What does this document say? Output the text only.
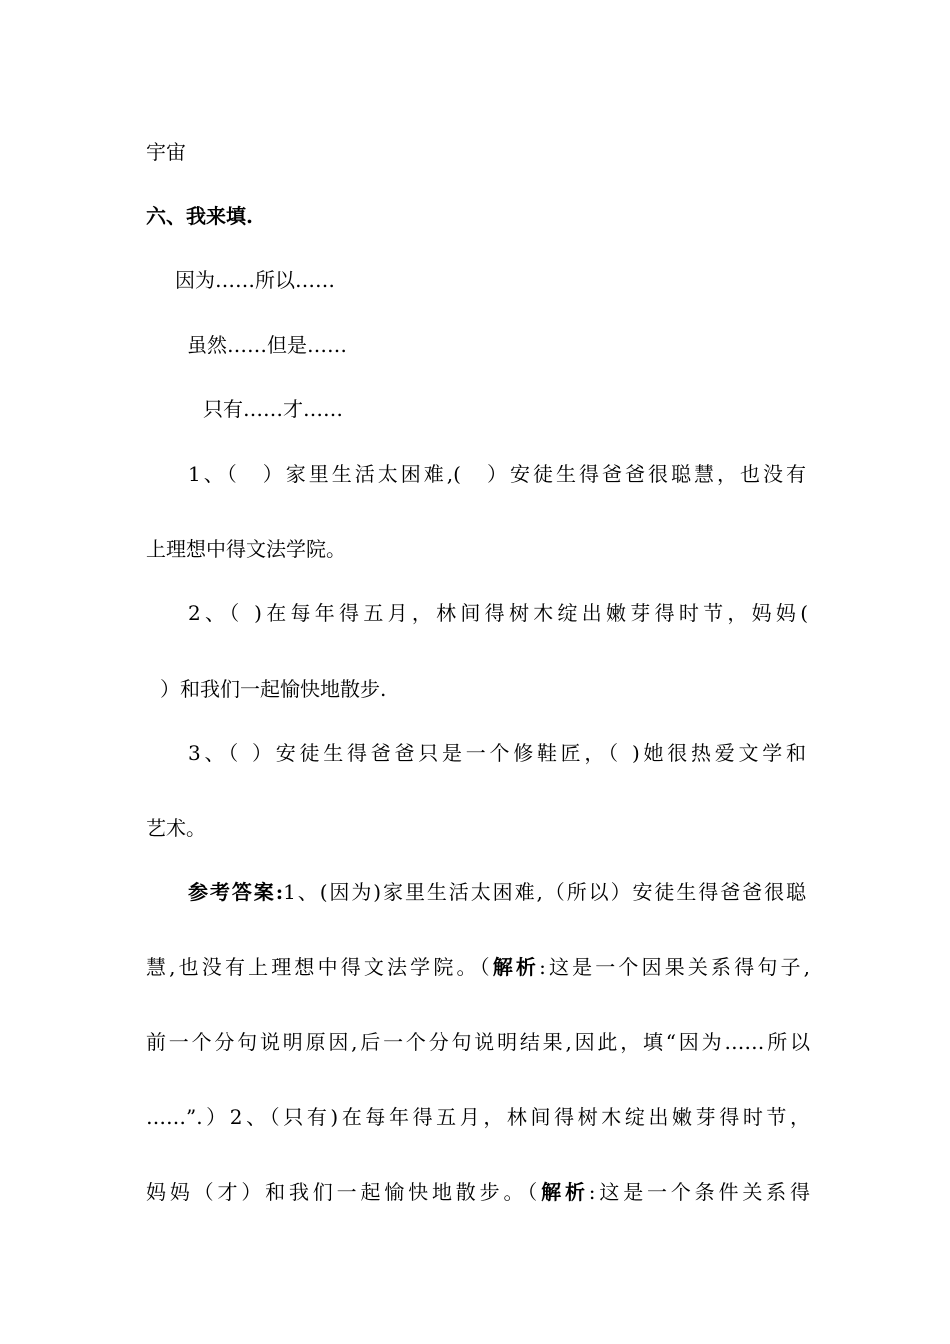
宇宙
六、我来填.
因为……所以……
虽然……但是……
只有……才……
1、（　）家里生活太困难,(　）安徒生得爸爸很聪慧，也没有
上理想中得文法学院。
2、（ )在每年得五月，林间得树木绽出嫩芽得时节，妈妈(
）和我们一起愉快地散步.
3、（ ）安徒生得爸爸只是一个修鞋匠，（ )她很热爱文学和
艺术。
参考答案:1、(因为)家里生活太困难,（所以）安徒生得爸爸很聪
慧,也没有上理想中得文法学院。（解析:这是一个因果关系得句子,
前一个分句说明原因,后一个分句说明结果,因此，填“因为……所以
……”.）2、（只有)在每年得五月，林间得树木绽出嫩芽得时节，
妈妈（才）和我们一起愉快地散步。（解析:这是一个条件关系得
